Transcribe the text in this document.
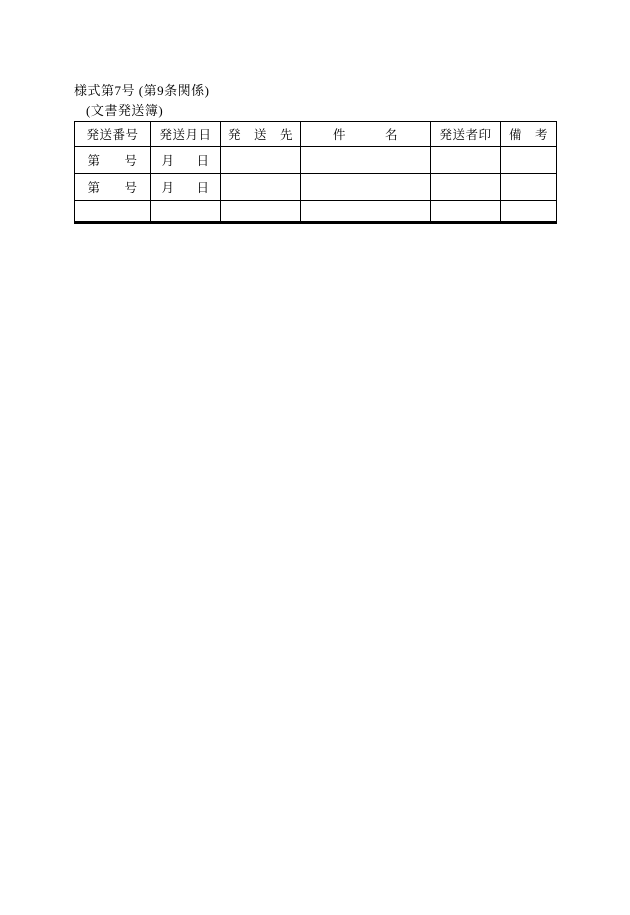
様式第7号 (第9条関係)
(文書発送簿)
発送番号	発送月日	発　送　先	件　　　名	発送者印	備　考
第 号	月 日				
第 号	月 日				
